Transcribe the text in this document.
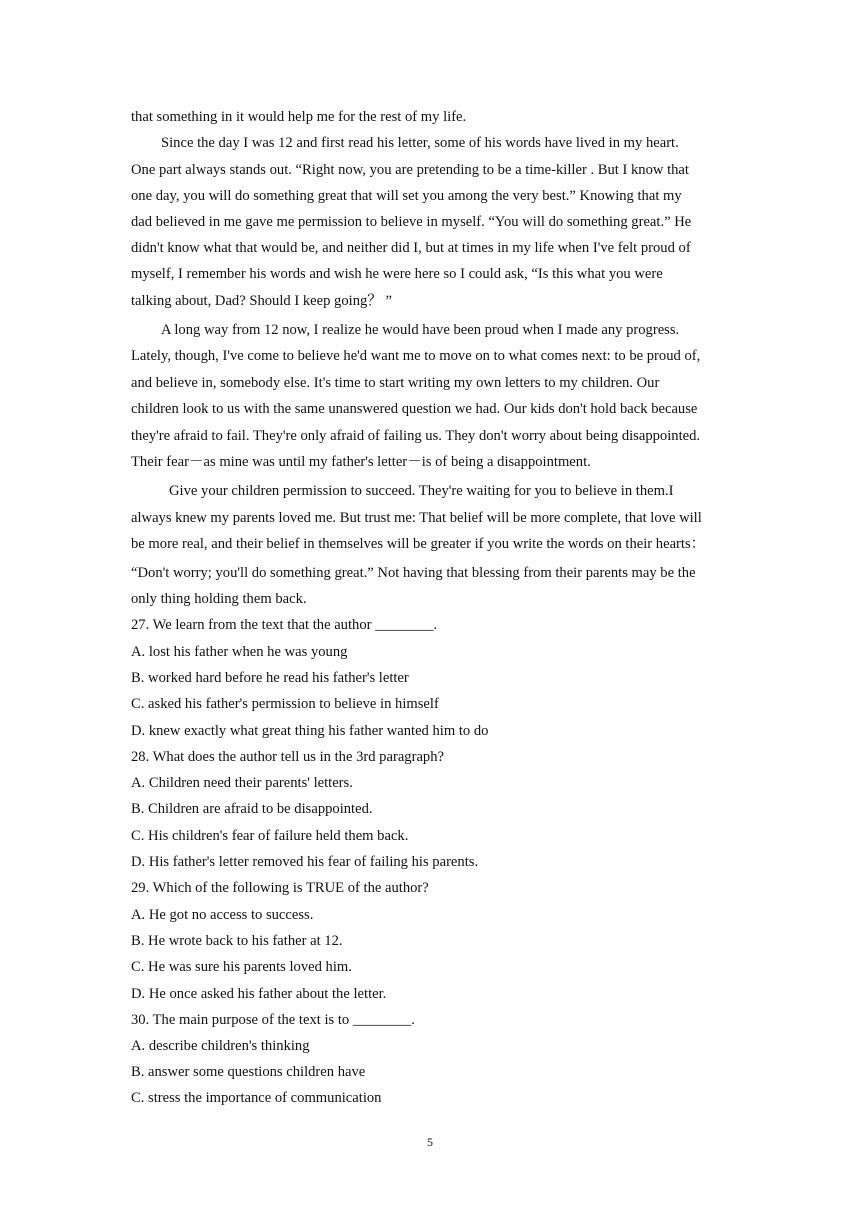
that something in it would help me for the rest of my life.
Since the day I was 12 and first read his letter, some of his words have lived in my heart.
One part always stands out. “Right now, you are pretending to be a time-killer . But I know that
one day, you will do something great that will set you among the very best.” Knowing that my
dad believed in me gave me permission to believe in myself. “You will do something great.” He
didn't know what that would be, and neither did I, but at times in my life when I've felt proud of
myself, I remember his words and wish he were here so I could ask, “Is this what you were
talking about, Dad? Should I keep going？ ”
A long way from 12 now, I realize he would have been proud when I made any progress.
Lately, though, I've come to believe he'd want me to move on to what comes next: to be proud of,
and believe in, somebody else. It's time to start writing my own letters to my children. Our
children look to us with the same unanswered question we had. Our kids don't hold back because
they're afraid to fail. They're only afraid of failing us. They don't worry about being disappointed.
Their fear－as mine was until my father's letter－is of being a disappointment.
Give your children permission to succeed. They're waiting for you to believe in them.I
always knew my parents loved me. But trust me: That belief will be more complete, that love will
be more real, and their belief in themselves will be greater if you write the words on their hearts：
“Don't worry; you'll do something great.” Not having that blessing from their parents may be the
only thing holding them back.
27. We learn from the text that the author ________.
A. lost his father when he was young
B. worked hard before he read his father's letter
C. asked his father's permission to believe in himself
D. knew exactly what great thing his father wanted him to do
28. What does the author tell us in the 3rd paragraph?
A. Children need their parents' letters.
B. Children are afraid to be disappointed.
C. His children's fear of failure held them back.
D. His father's letter removed his fear of failing his parents.
29. Which of the following is TRUE of the author?
A. He got no access to success.
B. He wrote back to his father at 12.
C. He was sure his parents loved him.
D. He once asked his father about the letter.
30. The main purpose of the text is to ________.
A. describe children's thinking
B. answer some questions children have
C. stress the importance of communication
5
